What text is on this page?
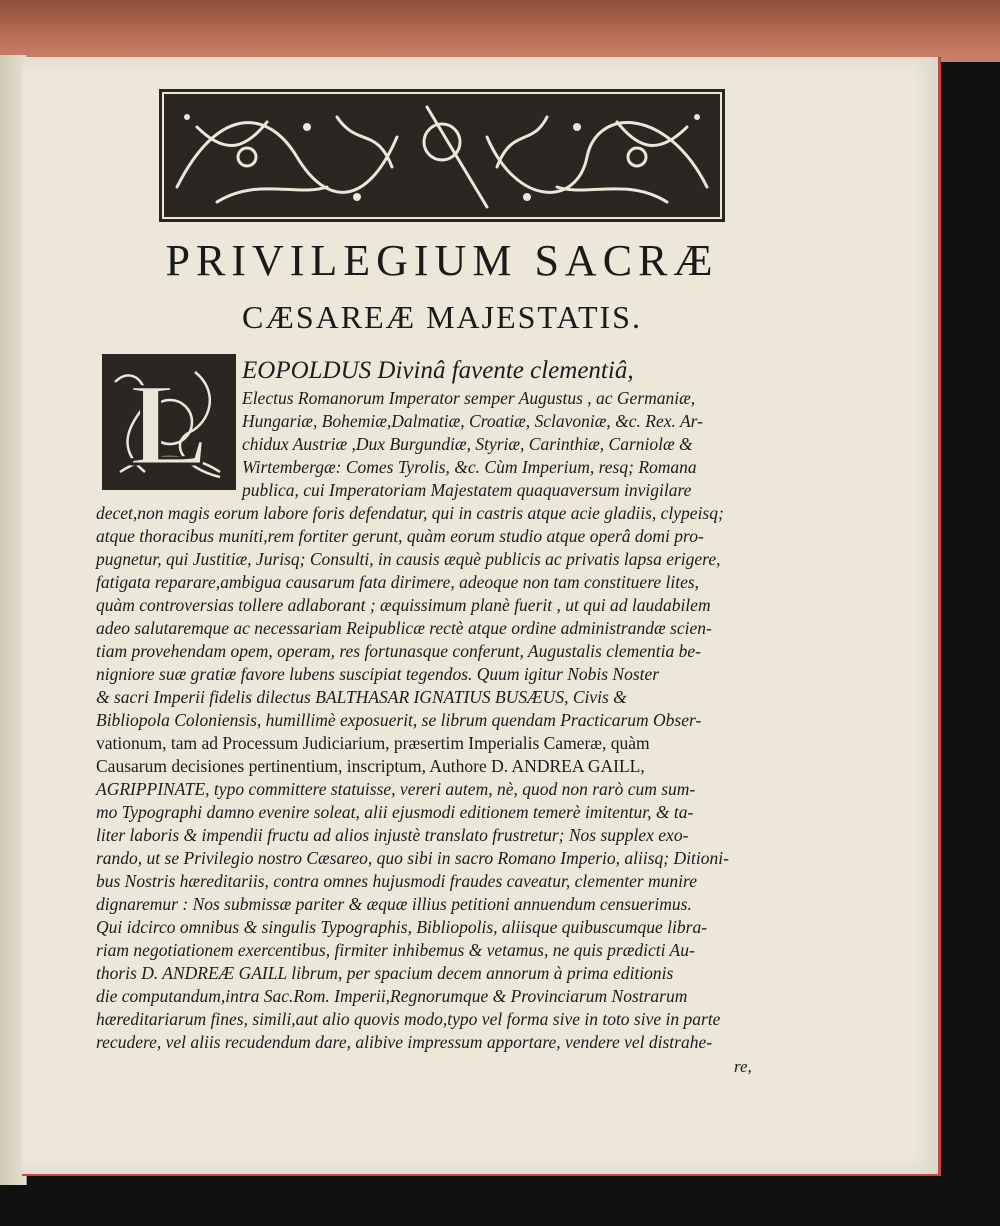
PRIVILEGIUM SACRÆ
CÆSAREÆ MAJESTATIS.
L EOPOLDUS Divinâ favente clementiâ,
Electus Romanorum Imperator semper Augustus , ac Germaniæ,
Hungariæ, Bohemiæ,Dalmatiæ, Croatiæ, Sclavoniæ, &c. Rex. Ar-
chidux Austriæ ,Dux Burgundiæ, Styriæ, Carinthiæ, Carniolæ &
Wirtembergæ: Comes Tyrolis, &c. Cùm Imperium, resq; Romana
publica, cui Imperatoriam Majestatem quaquaversum invigilare
decet,non magis eorum labore foris defendatur, qui in castris atque acie gladiis, clypeisq;
atque thoracibus muniti,rem fortiter gerunt, quàm eorum studio atque operâ domi pro-
pugnetur, qui Justitiæ, Jurisq; Consulti, in causis æquè publicis ac privatis lapsa erigere,
fatigata reparare,ambigua causarum fata dirimere, adeoque non tam constituere lites,
quàm controversias tollere adlaborant ; æquissimum planè fuerit , ut qui ad laudabilem
adeo salutaremque ac necessariam Reipublicæ rectè atque ordine administrandæ scien-
tiam provehendam opem, operam, res fortunasque conferunt, Augustalis clementia be-
nigniore suæ gratiæ favore lubens suscipiat tegendos. Quum igitur Nobis Noster
& sacri Imperii fidelis dilectus BALTHASAR IGNATIUS BUSÆUS, Civis &
Bibliopola Coloniensis, humillimè exposuerit, se librum quendam Practicarum Obser-
vationum, tam ad Processum Judiciarium, præsertim Imperialis Cameræ, quàm
Causarum decisiones pertinentium, inscriptum, Authore D. ANDREA GAILL,
AGRIPPINATE, typo committere statuisse, vereri autem, nè, quod non rarò cum sum-
mo Typographi damno evenire soleat, alii ejusmodi editionem temerè imitentur, & ta-
liter laboris & impendii fructu ad alios injustè translato frustretur; Nos supplex exo-
rando, ut se Privilegio nostro Cæsareo, quo sibi in sacro Romano Imperio, aliisq; Ditioni-
bus Nostris hæreditariis, contra omnes hujusmodi fraudes caveatur, clementer munire
dignaremur : Nos submissæ pariter & æquæ illius petitioni annuendum censuerimus.
Qui idcirco omnibus & singulis Typographis, Bibliopolis, aliisque quibuscumque libra-
riam negotiationem exercentibus, firmiter inhibemus & vetamus, ne quis prædicti Au-
thoris D. ANDREÆ GAILL librum, per spacium decem annorum à prima editionis
die computandum,intra Sac.Rom. Imperii,Regnorumque & Provinciarum Nostrarum
hæreditariarum fines, simili,aut alio quovis modo,typo vel forma sive in toto sive in parte
recudere, vel aliis recudendum dare, alibive impressum apportare, vendere vel distrahe-
re,
